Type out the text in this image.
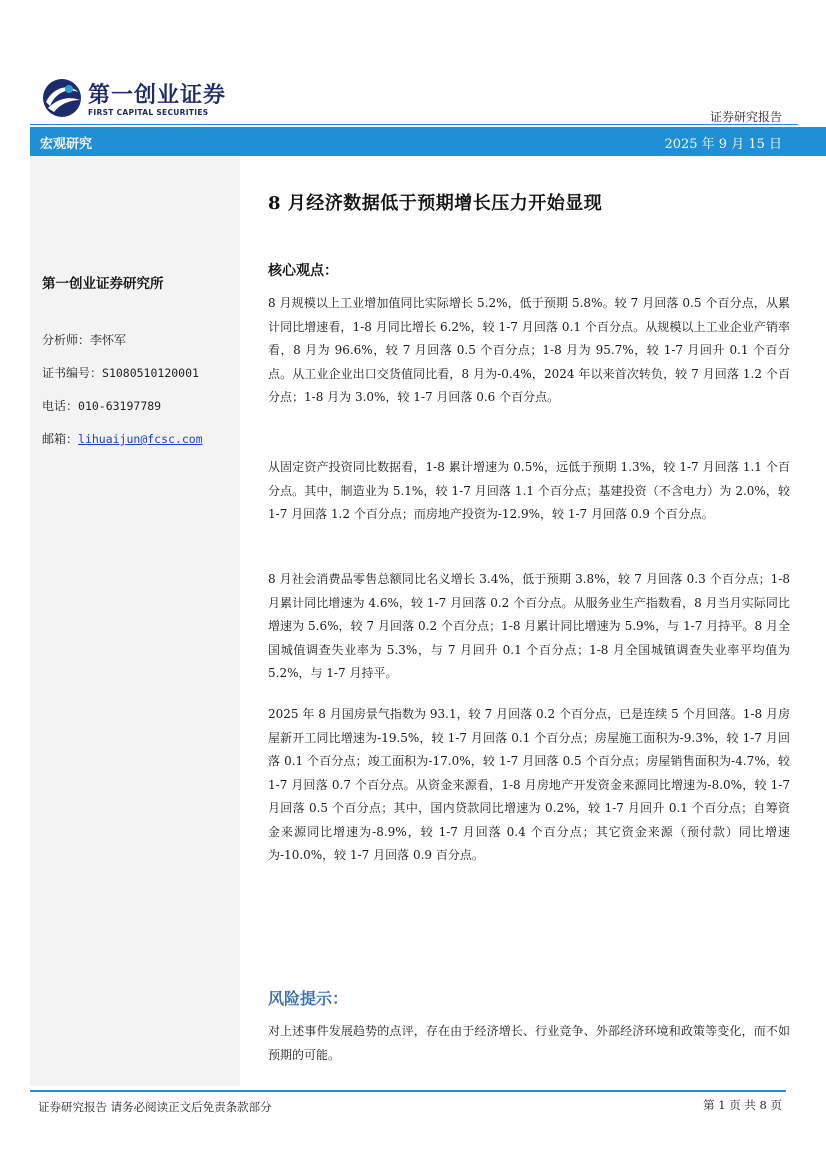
第一创业证券
FIRST CAPITAL SECURITIES	证券研究报告
宏观研究	2025 年 9 月 15 日
第一创业证券研究所
分析师：李怀军
证书编号：S1080510120001
电话：010-63197789
邮箱：lihuaijun@fcsc.com
8 月经济数据低于预期增长压力开始显现
核心观点：

8 月规模以上工业增加值同比实际增长 5.2%，低于预期 5.8%。较 7 月回落 0.5 个百分点，从累计同比增速看，1-8 月同比增长 6.2%，较 1-7 月回落 0.1 个百分点。从规模以上工业企业产销率看，8 月为 96.6%，较 7 月回落 0.5 个百分点；1-8 月为 95.7%，较 1-7 月回升 0.1 个百分点。从工业企业出口交货值同比看，8 月为-0.4%，2024 年以来首次转负，较 7 月回落 1.2 个百分点；1-8 月为 3.0%，较 1-7 月回落 0.6 个百分点。

从固定资产投资同比数据看，1-8 累计增速为 0.5%，远低于预期 1.3%，较 1-7 月回落 1.1 个百分点。其中，制造业为 5.1%，较 1-7 月回落 1.1 个百分点；基建投资（不含电力）为 2.0%，较 1-7 月回落 1.2 个百分点；而房地产投资为-12.9%，较 1-7 月回落 0.9 个百分点。

8 月社会消费品零售总额同比名义增长 3.4%，低于预期 3.8%，较 7 月回落 0.3 个百分点；1-8 月累计同比增速为 4.6%，较 1-7 月回落 0.2 个百分点。从服务业生产指数看，8 月当月实际同比增速为 5.6%，较 7 月回落 0.2 个百分点；1-8 月累计同比增速为 5.9%，与 1-7 月持平。8 月全国城值调查失业率为 5.3%，与 7 月回升 0.1 个百分点；1-8 月全国城镇调查失业率平均值为 5.2%，与 1-7 月持平。

2025 年 8 月国房景气指数为 93.1，较 7 月回落 0.2 个百分点，已是连续 5 个月回落。1-8 月房屋新开工同比增速为-19.5%，较 1-7 月回落 0.1 个百分点；房屋施工面积为-9.3%，较 1-7 月回落 0.1 个百分点；竣工面积为-17.0%，较 1-7 月回落 0.5 个百分点；房屋销售面积为-4.7%，较 1-7 月回落 0.7 个百分点。从资金来源看，1-8 月房地产开发资金来源同比增速为-8.0%，较 1-7 月回落 0.5 个百分点；其中，国内贷款同比增速为 0.2%，较 1-7 月回升 0.1 个百分点；自筹资金来源同比增速为-8.9%，较 1-7 月回落 0.4 个百分点；其它资金来源（预付款）同比增速为-10.0%，较 1-7 月回落 0.9 百分点。

风险提示：

对上述事件发展趋势的点评，存在由于经济增长、行业竞争、外部经济环境和政策等变化，而不如预期的可能。

证券研究报告 请务必阅读正文后免责条款部分	第 1 页 共 8 页
